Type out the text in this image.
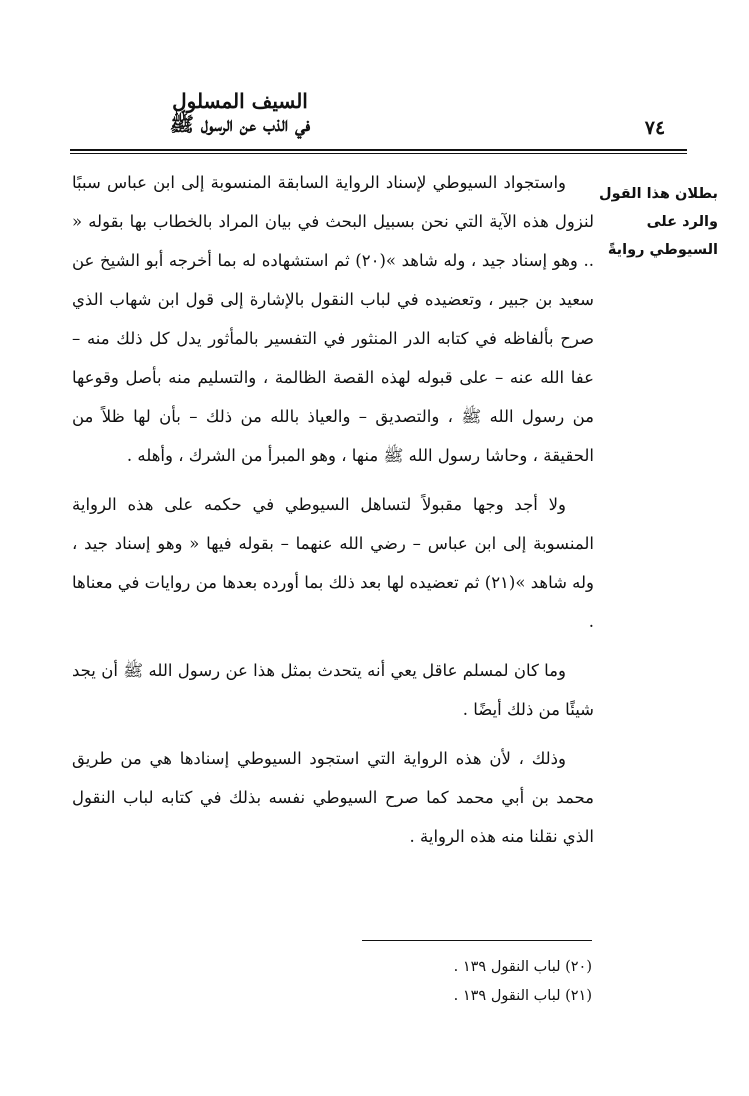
السيف المسلول
في الذب عن الرسول ﷺ	٧٤
بطلان هذا القول
والرد على
السيوطي روايةً

واستجواد السيوطي لإسناد الرواية السابقة المنسوبة إلى ابن عباس سببًا لنزول هذه الآية التي نحن بسبيل البحث في بيان المراد بالخطاب بها بقوله « .. وهو إسناد جيد ، وله شاهد »(٢٠) ثم استشهاده له بما أخرجه أبو الشيخ عن سعيد بن جبير ، وتعضيده في لباب النقول بالإشارة إلى قول ابن شهاب الذي صرح بألفاظه في كتابه الدر المنثور في التفسير بالمأثور يدل كل ذلك منه – عفا الله عنه – على قبوله لهذه القصة الظالمة ، والتسليم منه بأصل وقوعها من رسول الله ﷺ ، والتصديق – والعياذ بالله من ذلك – بأن لها ظلاً من الحقيقة ، وحاشا رسول الله ﷺ منها ، وهو المبرأ من الشرك ، وأهله .

ولا أجد وجها مقبولاً لتساهل السيوطي في حكمه على هذه الرواية المنسوبة إلى ابن عباس – رضي الله عنهما – بقوله فيها « وهو إسناد جيد ، وله شاهد »(٢١) ثم تعضيده لها بعد ذلك بما أورده بعدها من روايات في معناها .

وما كان لمسلم عاقل يعي أنه يتحدث بمثل هذا عن رسول الله ﷺ أن يجد شيئًا من ذلك أيضًا .

وذلك ، لأن هذه الرواية التي استجود السيوطي إسنادها هي من طريق محمد بن أبي محمد كما صرح السيوطي نفسه بذلك في كتابه لباب النقول الذي نقلنا منه هذه الرواية .

(٢٠) لباب النقول ١٣٩ .
(٢١) لباب النقول ١٣٩ .
